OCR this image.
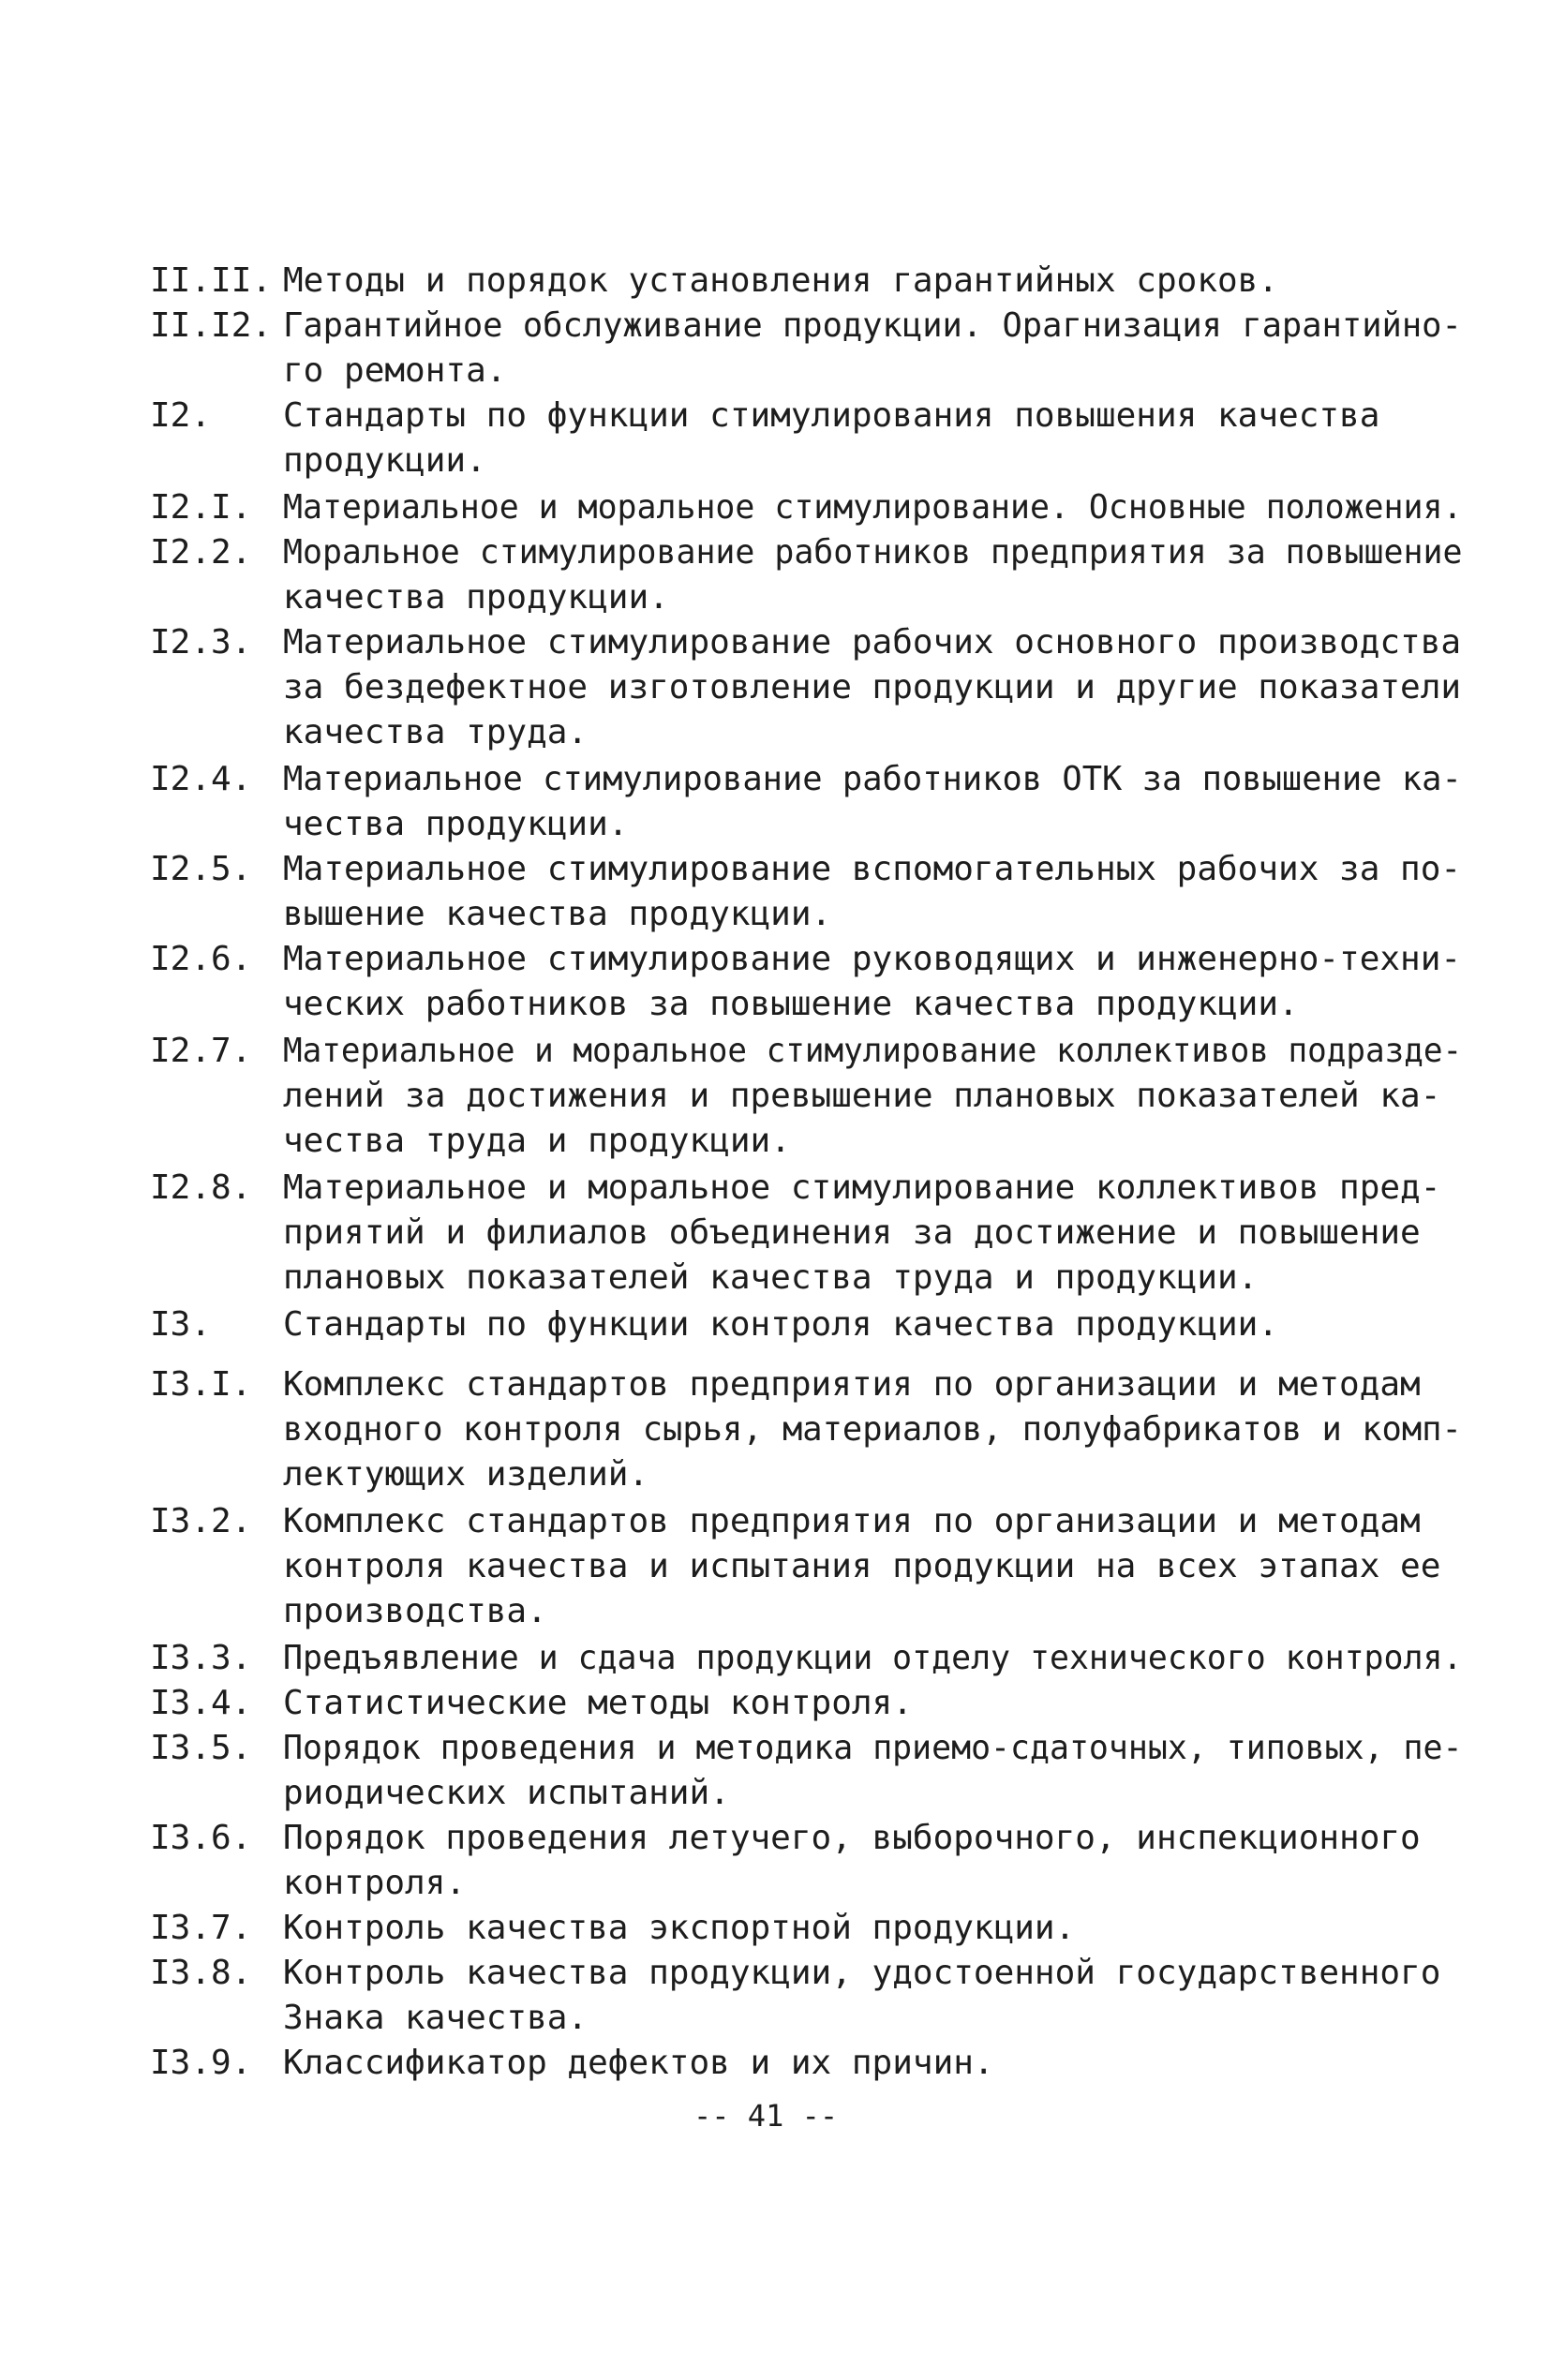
II.II. Методы и порядок установления гарантийных сроков.
II.I2. Гарантийное обслуживание продукции. Орагнизация гарантийно-
го ремонта.
I2. Стандарты по функции стимулирования повышения качества
продукции.
I2.I. Материальное и моральное стимулирование. Основные положения.
I2.2. Моральное стимулирование работников предприятия за повышение
качества продукции.
I2.3. Материальное стимулирование рабочих основного производства
за бездефектное изготовление продукции и другие показатели
качества труда.
I2.4. Материальное стимулирование работников ОТК за повышение ка-
чества продукции.
I2.5. Материальное стимулирование вспомогательных рабочих за по-
вышение качества продукции.
I2.6. Материальное стимулирование руководящих и инженерно-техни-
ческих работников за повышение качества продукции.
I2.7. Материальное и моральное стимулирование коллективов подразде-
лений за достижения и превышение плановых показателей ка-
чества труда и продукции.
I2.8. Материальное и моральное стимулирование коллективов пред-
приятий и филиалов объединения за достижение и повышение
плановых показателей качества труда и продукции.
I3. Стандарты по функции контроля качества продукции.
I3.I. Комплекс стандартов предприятия по организации и методам
входного контроля сырья, материалов, полуфабрикатов и комп-
лектующих изделий.
I3.2. Комплекс стандартов предприятия по организации и методам
контроля качества и испытания продукции на всех этапах ее
производства.
I3.3. Предъявление и сдача продукции отделу технического контроля.
I3.4. Статистические методы контроля.
I3.5. Порядок проведения и методика приемо-сдаточных, типовых, пе-
риодических испытаний.
I3.6. Порядок проведения летучего, выборочного, инспекционного
контроля.
I3.7. Контроль качества экспортной продукции.
I3.8. Контроль качества продукции, удостоенной государственного
Знака качества.
I3.9. Классификатор дефектов и их причин.
-- 41 --
